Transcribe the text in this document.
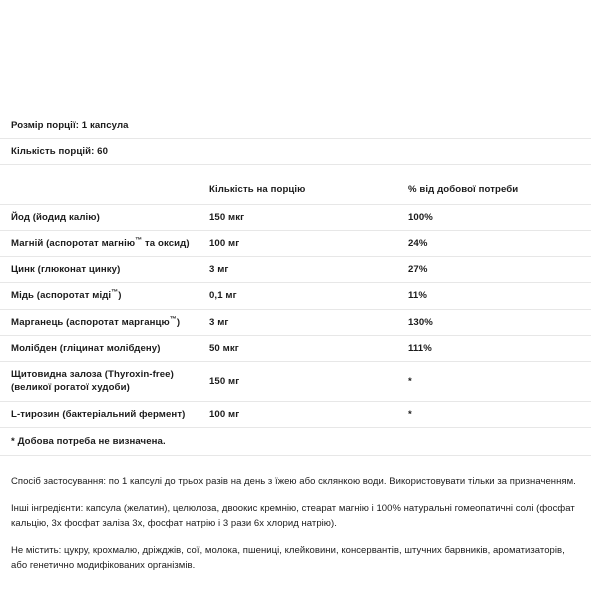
Розмір порції: 1 капсула		
Кількість порцій: 60		

	Кількість на порцію	% від добової потреби
Йод (йодид калію)	150 мкг	100%
Магній (аспоротат магнію™ та оксид)	100 мг	24%
Цинк (глюконат цинку)	3 мг	27%
Мідь (аспоротат міді™)	0,1 мг	11%
Марганець (аспоротат марганцю™)	3 мг	130%
Молібден (гліцинат молібдену)	50 мкг	111%
Щитовидна залоза (Thyroxin-free) (великої рогатої худоби)	150 мг	*
L-тирозин (бактеріальний фермент)	100 мг	*
* Добова потреба не визначена.		

Спосіб застосування: по 1 капсулі до трьох разів на день з їжею або склянкою води. Використовувати тільки за призначенням.

Інші інгредієнти: капсула (желатин), целюлоза, двоокис кремнію, стеарат магнію і 100% натуральні гомеопатичні солі (фосфат кальцію, 3х фосфат заліза 3х, фосфат натрію і 3 рази 6х хлорид натрію).

Не містить: цукру, крохмалю, дріжджів, сої, молока, пшениці, клейковини, консервантів, штучних барвників, ароматизаторів, або генетично модифікованих організмів.
